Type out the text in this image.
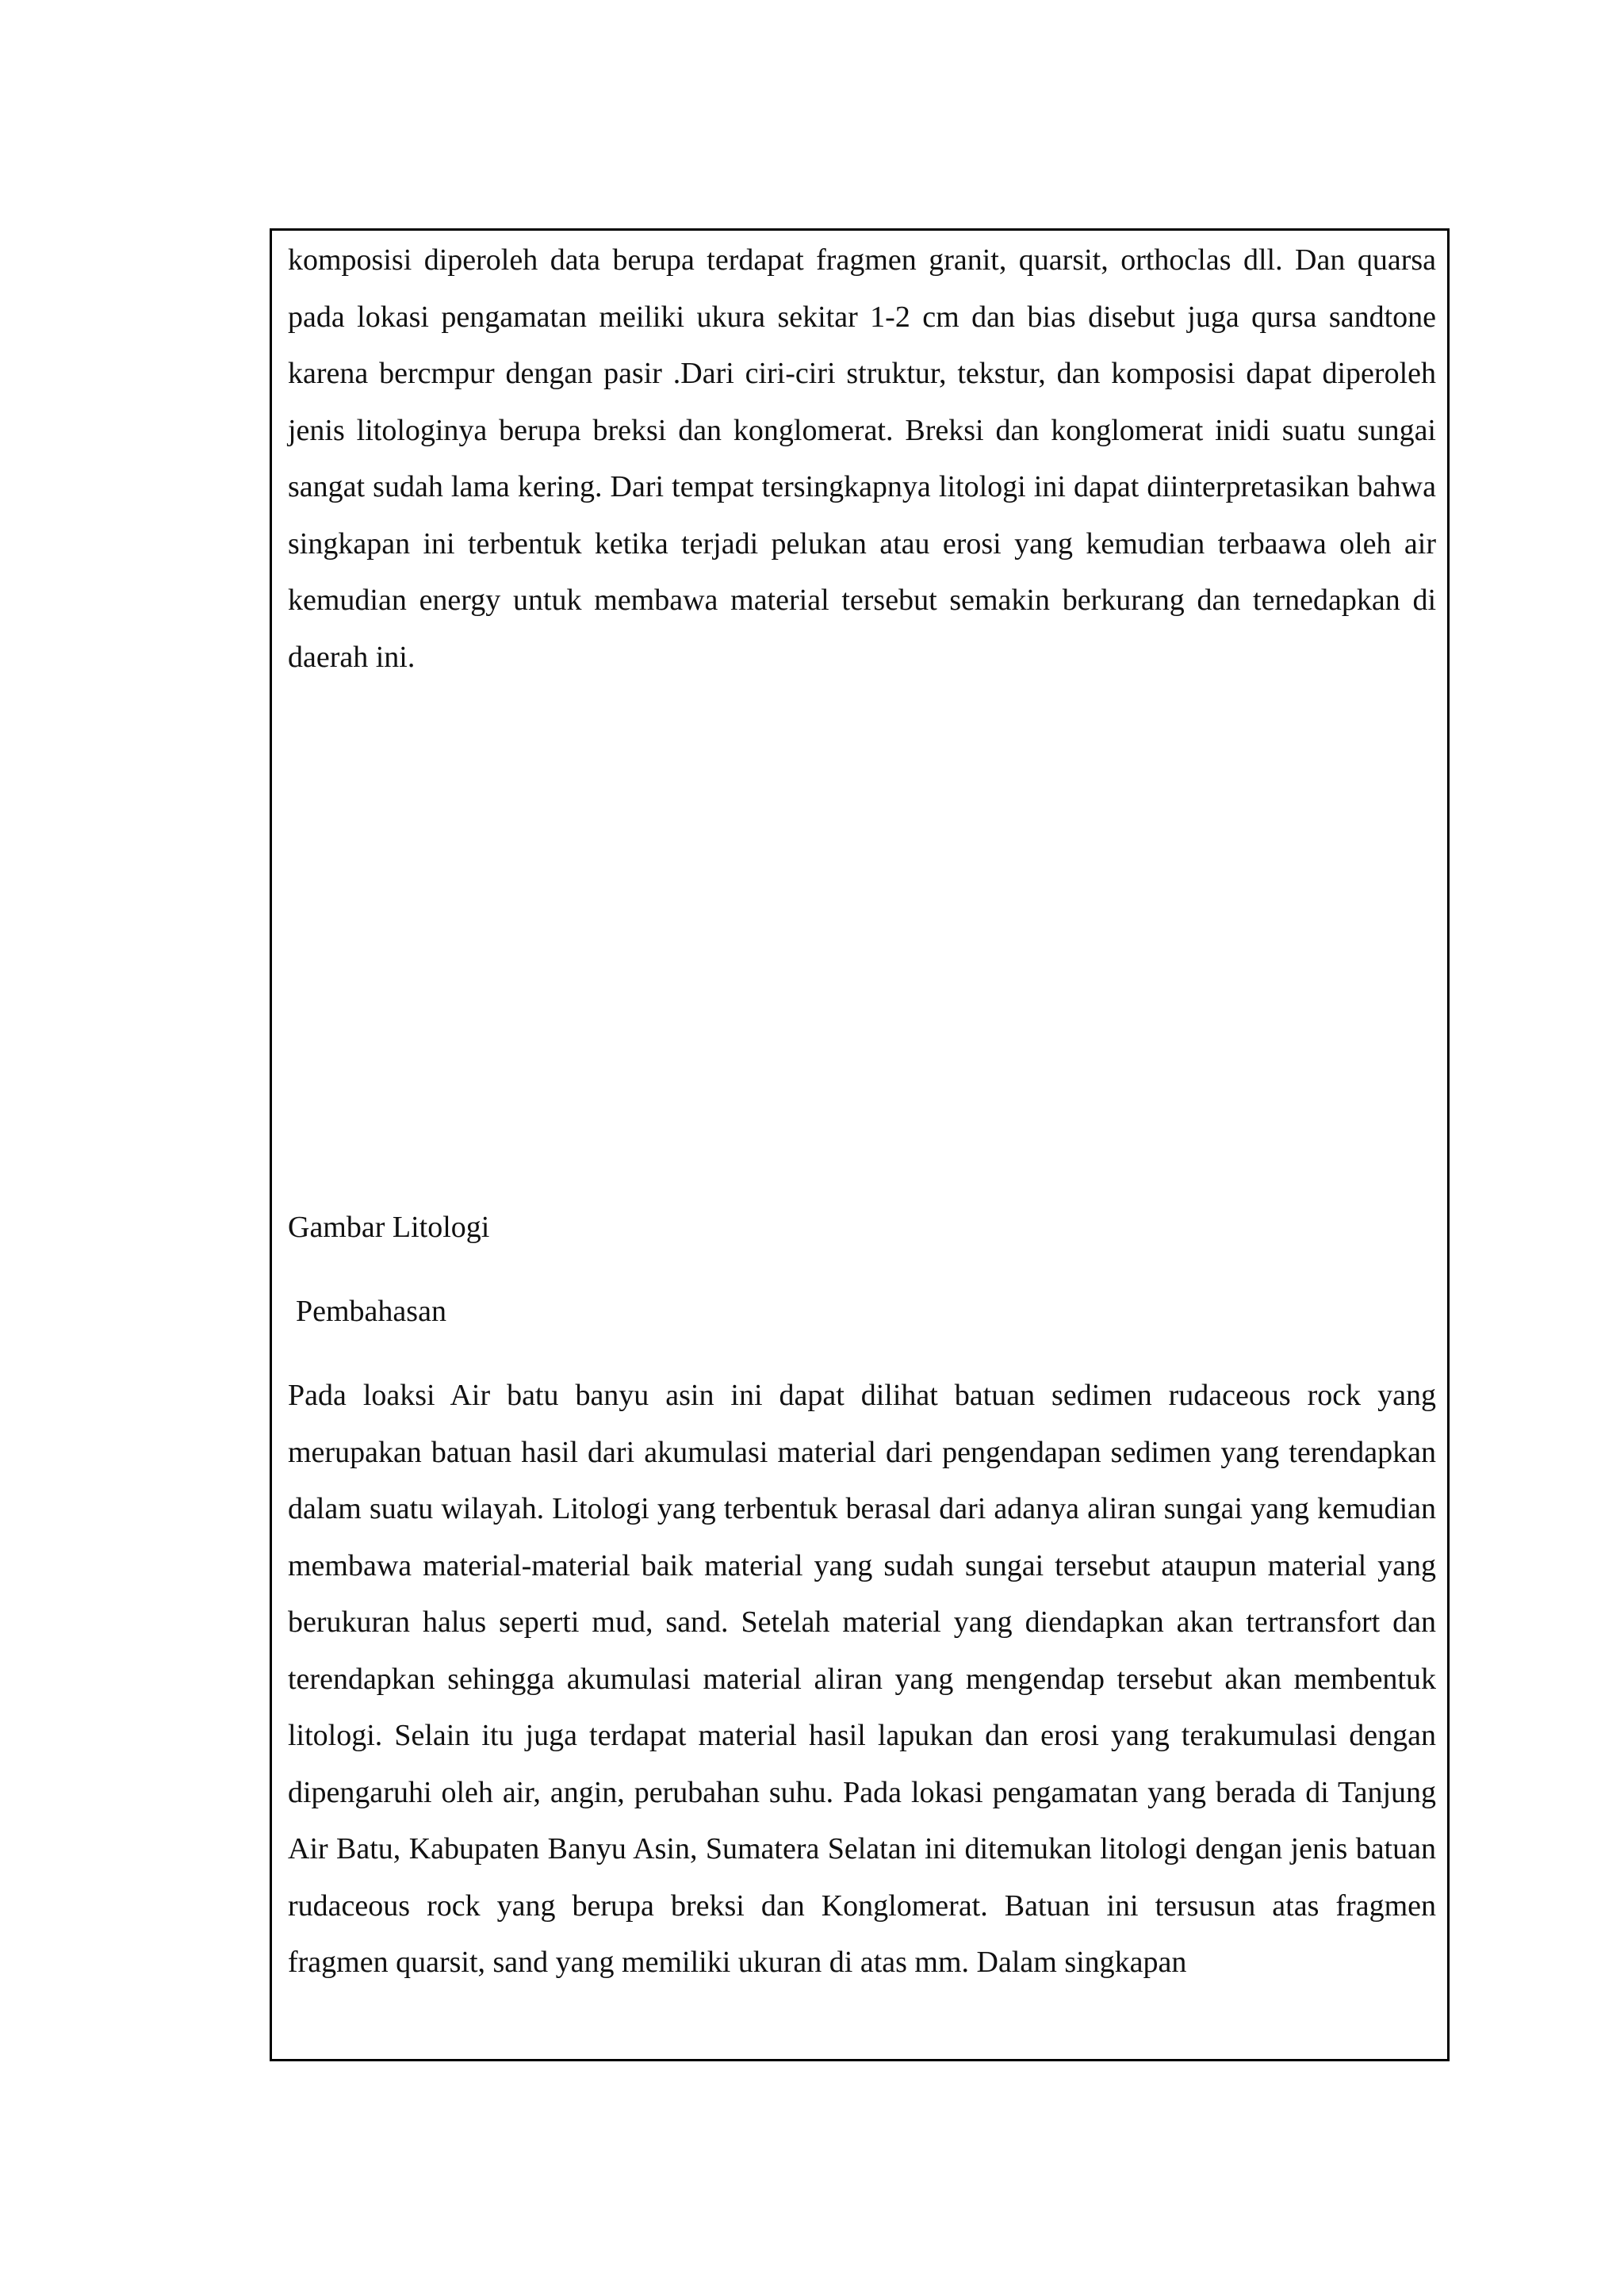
komposisi diperoleh data berupa terdapat fragmen granit, quarsit, orthoclas dll. Dan quarsa pada lokasi pengamatan meiliki ukura sekitar 1-2 cm dan bias disebut juga qursa sandtone karena bercmpur dengan pasir .Dari ciri-ciri struktur, tekstur, dan komposisi dapat diperoleh jenis litologinya berupa breksi dan konglomerat. Breksi dan konglomerat inidi suatu sungai sangat sudah lama kering. Dari tempat tersingkapnya litologi ini dapat diinterpretasikan bahwa singkapan ini terbentuk ketika terjadi pelukan atau erosi yang kemudian terbaawa oleh air kemudian energy untuk membawa material tersebut semakin berkurang dan ternedapkan di daerah ini.

Gambar Litologi

Pembahasan

Pada loaksi Air batu banyu asin ini dapat dilihat batuan sedimen rudaceous rock yang merupakan batuan hasil dari akumulasi material dari pengendapan sedimen yang terendapkan dalam suatu wilayah. Litologi yang terbentuk berasal dari adanya aliran sungai yang kemudian membawa material-material baik material yang sudah sungai tersebut ataupun material yang berukuran halus seperti mud, sand. Setelah material yang diendapkan akan tertransfort dan terendapkan sehingga akumulasi material aliran yang mengendap tersebut akan membentuk litologi. Selain itu juga terdapat material hasil lapukan dan erosi yang terakumulasi dengan dipengaruhi oleh air, angin, perubahan suhu. Pada lokasi pengamatan yang berada di Tanjung Air Batu, Kabupaten Banyu Asin, Sumatera Selatan ini ditemukan litologi dengan jenis batuan rudaceous rock yang berupa breksi dan Konglomerat. Batuan ini tersusun atas fragmen fragmen quarsit, sand yang memiliki ukuran di atas mm. Dalam singkapan
